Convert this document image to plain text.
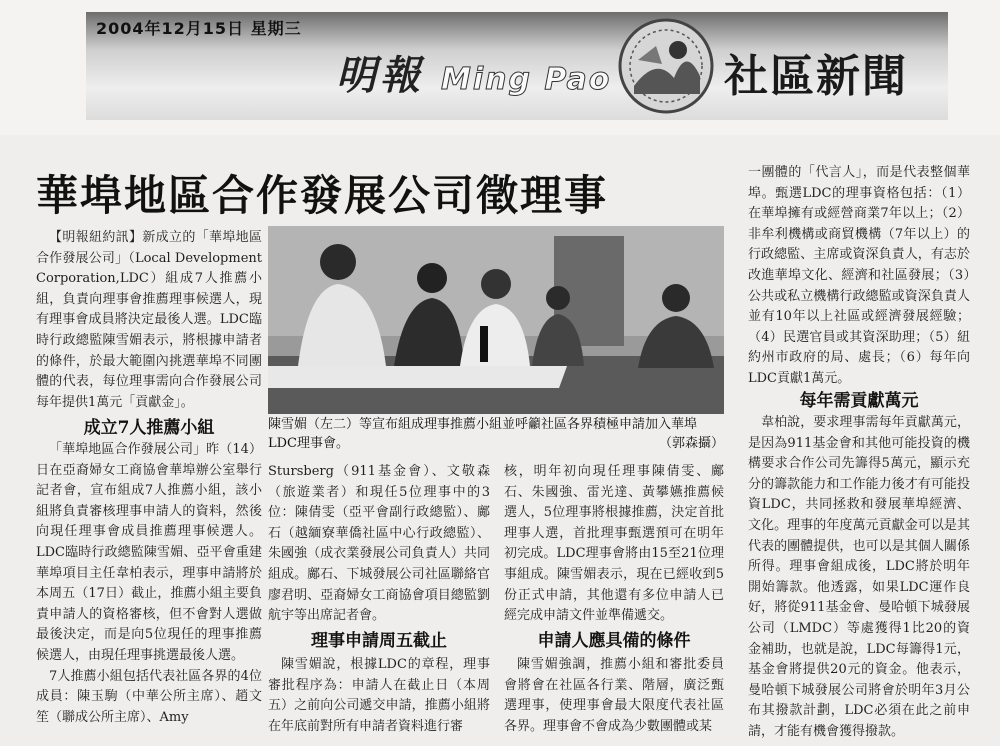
2004年12月15日 星期三
明報 Ming Pao	社區新聞
華埠地區合作發展公司徵理事

【明報紐約訊】新成立的「華埠地區合作發展公司」（Local Development Corporation,LDC）組成7人推薦小組，負責向理事會推薦理事候選人，現有理事會成員將決定最後人選。LDC臨時行政總監陳雪媚表示，將根據申請者的條件，於最大範圍內挑選華埠不同團體的代表，每位理事需向合作發展公司每年提供1萬元「貢獻金」。

成立7人推薦小組

「華埠地區合作發展公司」昨（14）日在亞裔婦女工商協會華埠辦公室舉行記者會，宣布組成7人推薦小組，該小組將負責審核理事申請人的資料，然後向現任理事會成員推薦理事候選人。LDC臨時行政總監陳雪媚、亞平會重建華埠項目主任韋柏表示，理事申請將於本周五（17日）截止，推薦小組主要負責申請人的資格審核，但不會對人選做最後決定，而是向5位現任的理事推薦候選人，由現任理事挑選最後人選。

7人推薦小組包括代表社區各界的4位成員：陳玉駒（中華公所主席）、趙文笙（聯成公所主席）、Amy

陳雪媚（左二）等宣布組成理事推薦小組並呼籲社區各界積極申請加入華埠LDC理事會。	（郭森攝）

Stursberg（911基金會）、文敬森（旅遊業者）和現任5位理事中的3位：陳倩雯（亞平會副行政總監）、鄺石（越緬寮華僑社區中心行政總監）、朱國強（成衣業發展公司負責人）共同組成。鄺石、下城發展公司社區聯絡官廖君明、亞裔婦女工商協會項目總監劉航宇等出席記者會。

理事申請周五截止

陳雪媚說，根據LDC的章程，理事審批程序為：申請人在截止日（本周五）之前向公司遞交申請，推薦小組將在年底前對所有申請者資料進行審

核，明年初向現任理事陳倩雯、鄺石、朱國強、雷光達、黃攀嬿推薦候選人，5位理事將根據推薦，決定首批理事人選，首批理事甄選預可在明年初完成。LDC理事會將由15至21位理事組成。陳雪媚表示，現在已經收到5份正式申請，其他還有多位申請人已經完成申請文件並準備遞交。

申請人應具備的條件

陳雪媚強調，推薦小組和審批委員會將會在社區各行業、階層，廣泛甄選理事，使理事會最大限度代表社區各界。理事會不會成為少數團體或某

一團體的「代言人」，而是代表整個華埠。甄選LDC的理事資格包括：（1）在華埠擁有或經營商業7年以上；（2）非牟利機構或商貿機構（7年以上）的行政總監、主席或資深負責人，有志於改進華埠文化、經濟和社區發展；（3）公共或私立機構行政總監或資深負責人並有10年以上社區或經濟發展經驗；（4）民選官員或其資深助理；（5）紐約州市政府的局、處長；（6）每年向LDC貢獻1萬元。

每年需貢獻萬元

韋柏說，要求理事需每年貢獻萬元，是因為911基金會和其他可能投資的機構要求合作公司先籌得5萬元，顯示充分的籌款能力和工作能力後才有可能投資LDC，共同拯救和發展華埠經濟、文化。理事的年度萬元貢獻金可以是其代表的團體提供，也可以是其個人關係所得。理事會組成後，LDC將於明年開始籌款。他透露，如果LDC運作良好，將從911基金會、曼哈頓下城發展公司（LMDC）等處獲得1比20的資金補助，也就是說，LDC每籌得1元，基金會將提供20元的資金。他表示，曼哈頓下城發展公司將會於明年3月公布其撥款計劃，LDC必須在此之前申請，才能有機會獲得撥款。
